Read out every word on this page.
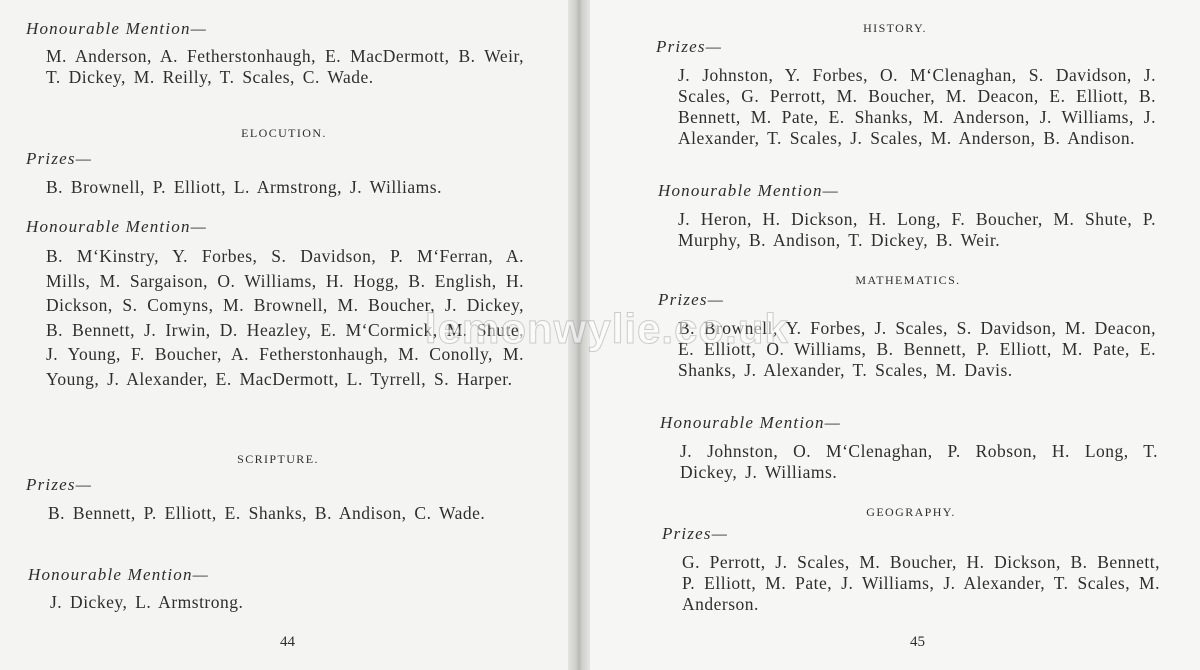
Honourable Mention—
M. Anderson, A. Fetherstonhaugh, E. MacDermott, B. Weir, T. Dickey, M. Reilly, T. Scales, C. Wade.
ELOCUTION.
Prizes—
B. Brownell, P. Elliott, L. Armstrong, J. Williams.
Honourable Mention—
B. M‘Kinstry, Y. Forbes, S. Davidson, P. M‘Ferran, A. Mills, M. Sargaison, O. Williams, H. Hogg, B. English, H. Dickson, S. Comyns, M. Brownell, M. Boucher, J. Dickey, B. Bennett, J. Irwin, D. Heazley, E. M‘Cormick, M. Shute, J. Young, F. Boucher, A. Fetherstonhaugh, M. Conolly, M. Young, J. Alexander, E. MacDermott, L. Tyrrell, S. Harper.
SCRIPTURE.
Prizes—
B. Bennett, P. Elliott, E. Shanks, B. Andison, C. Wade.
Honourable Mention—
J. Dickey, L. Armstrong.
44
HISTORY.
Prizes—
J. Johnston, Y. Forbes, O. M‘Clenaghan, S. Davidson, J. Scales, G. Perrott, M. Boucher, M. Deacon, E. Elliott, B. Bennett, M. Pate, E. Shanks, M. Anderson, J. Williams, J. Alexander, T. Scales, J. Scales, M. Anderson, B. Andison.
Honourable Mention—
J. Heron, H. Dickson, H. Long, F. Boucher, M. Shute, P. Murphy, B. Andison, T. Dickey, B. Weir.
MATHEMATICS.
Prizes—
B. Brownell, Y. Forbes, J. Scales, S. Davidson, M. Deacon, E. Elliott, O. Williams, B. Bennett, P. Elliott, M. Pate, E. Shanks, J. Alexander, T. Scales, M. Davis.
Honourable Mention—
J. Johnston, O. M‘Clenaghan, P. Robson, H. Long, T. Dickey, J. Williams.
GEOGRAPHY.
Prizes—
G. Perrott, J. Scales, M. Boucher, H. Dickson, B. Bennett, P. Elliott, M. Pate, J. Williams, J. Alexander, T. Scales, M. Anderson.
45
lemonwylie.co.uk
